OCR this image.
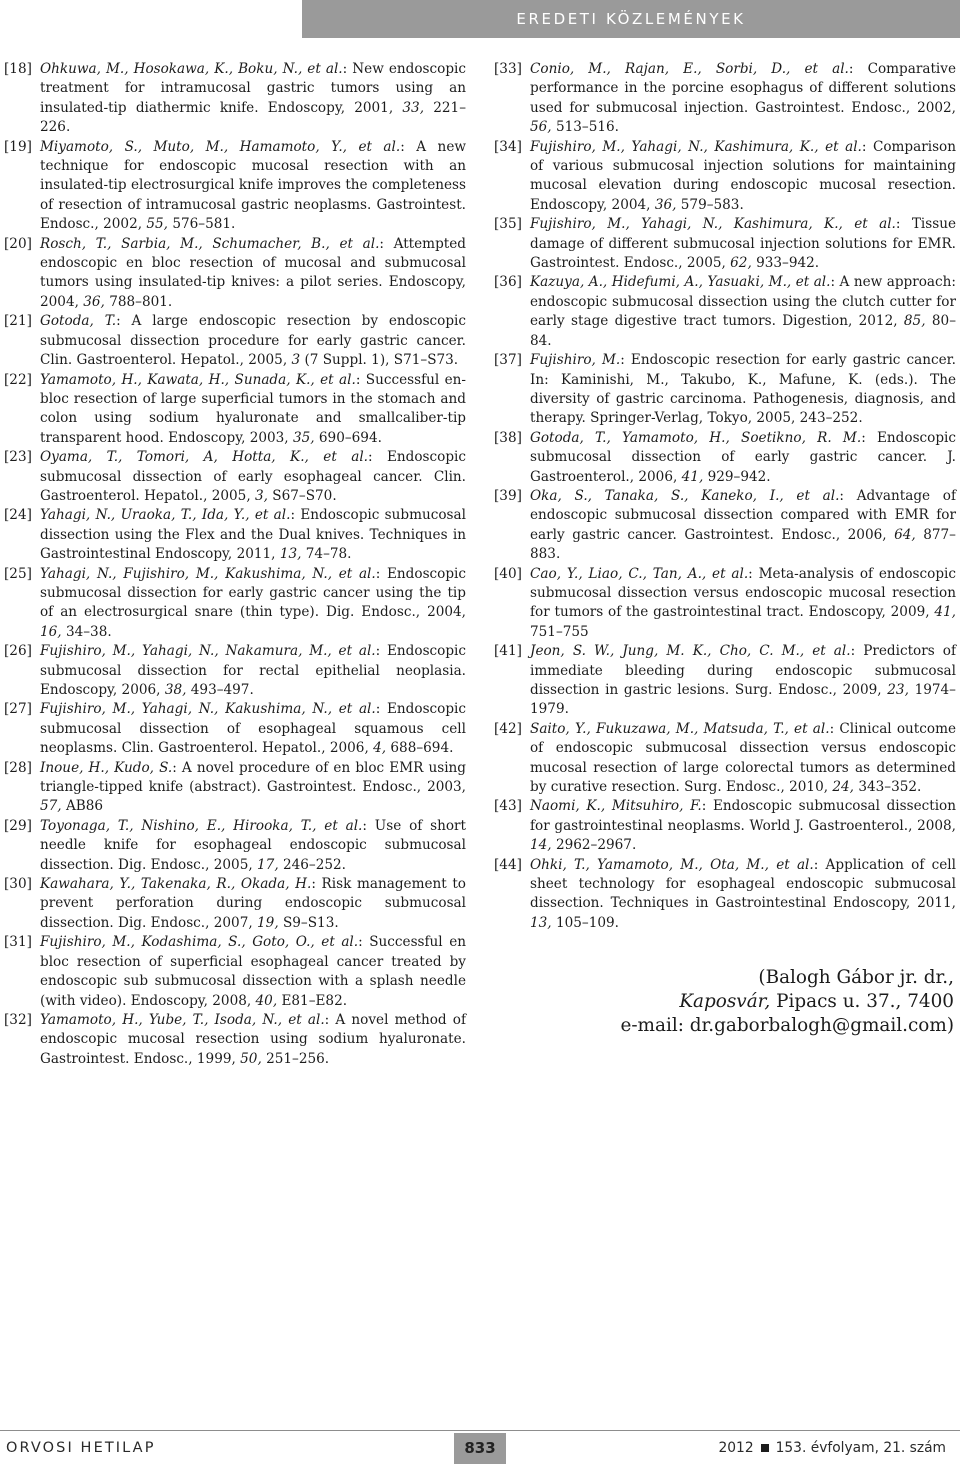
EREDETI KÖZLEMÉNYEK
[18] Ohkuwa, M., Hosokawa, K., Boku, N., et al.: New endoscopic treatment for intramucosal gastric tumors using an insulated-tip diathermic knife. Endoscopy, 2001, 33, 221–226.
[19] Miyamoto, S., Muto, M., Hamamoto, Y., et al.: A new technique for endoscopic mucosal resection with an insulated-tip electrosurgical knife improves the completeness of resection of intramucosal gastric neoplasms. Gastrointest. Endosc., 2002, 55, 576–581.
[20] Rosch, T., Sarbia, M., Schumacher, B., et al.: Attempted endoscopic en bloc resection of mucosal and submucosal tumors using insulated-tip knives: a pilot series. Endoscopy, 2004, 36, 788–801.
[21] Gotoda, T.: A large endoscopic resection by endoscopic submucosal dissection procedure for early gastric cancer. Clin. Gastroenterol. Hepatol., 2005, 3 (7 Suppl. 1), S71–S73.
[22] Yamamoto, H., Kawata, H., Sunada, K., et al.: Successful en-bloc resection of large superficial tumors in the stomach and colon using sodium hyaluronate and smallcaliber-tip transparent hood. Endoscopy, 2003, 35, 690–694.
[23] Oyama, T., Tomori, A, Hotta, K., et al.: Endoscopic submucosal dissection of early esophageal cancer. Clin. Gastroenterol. Hepatol., 2005, 3, S67–S70.
[24] Yahagi, N., Uraoka, T., Ida, Y., et al.: Endoscopic submucosal dissection using the Flex and the Dual knives. Techniques in Gastrointestinal Endoscopy, 2011, 13, 74–78.
[25] Yahagi, N., Fujishiro, M., Kakushima, N., et al.: Endoscopic submucosal dissection for early gastric cancer using the tip of an electrosurgical snare (thin type). Dig. Endosc., 2004, 16, 34–38.
[26] Fujishiro, M., Yahagi, N., Nakamura, M., et al.: Endoscopic submucosal dissection for rectal epithelial neoplasia. Endoscopy, 2006, 38, 493–497.
[27] Fujishiro, M., Yahagi, N., Kakushima, N., et al.: Endoscopic submucosal dissection of esophageal squamous cell neoplasms. Clin. Gastroenterol. Hepatol., 2006, 4, 688–694.
[28] Inoue, H., Kudo, S.: A novel procedure of en bloc EMR using triangle-tipped knife (abstract). Gastrointest. Endosc., 2003, 57, AB86
[29] Toyonaga, T., Nishino, E., Hirooka, T., et al.: Use of short needle knife for esophageal endoscopic submucosal dissection. Dig. Endosc., 2005, 17, 246–252.
[30] Kawahara, Y., Takenaka, R., Okada, H.: Risk management to prevent perforation during endoscopic submucosal dissection. Dig. Endosc., 2007, 19, S9–S13.
[31] Fujishiro, M., Kodashima, S., Goto, O., et al.: Successful en bloc resection of superficial esophageal cancer treated by endoscopic sub submucosal dissection with a splash needle (with video). Endoscopy, 2008, 40, E81–E82.
[32] Yamamoto, H., Yube, T., Isoda, N., et al.: A novel method of endoscopic mucosal resection using sodium hyaluronate. Gastrointest. Endosc., 1999, 50, 251–256.
[33] Conio, M., Rajan, E., Sorbi, D., et al.: Comparative performance in the porcine esophagus of different solutions used for submucosal injection. Gastrointest. Endosc., 2002, 56, 513–516.
[34] Fujishiro, M., Yahagi, N., Kashimura, K., et al.: Comparison of various submucosal injection solutions for maintaining mucosal elevation during endoscopic mucosal resection. Endoscopy, 2004, 36, 579–583.
[35] Fujishiro, M., Yahagi, N., Kashimura, K., et al.: Tissue damage of different submucosal injection solutions for EMR. Gastrointest. Endosc., 2005, 62, 933–942.
[36] Kazuya, A., Hidefumi, A., Yasuaki, M., et al.: A new approach: endoscopic submucosal dissection using the clutch cutter for early stage digestive tract tumors. Digestion, 2012, 85, 80–84.
[37] Fujishiro, M.: Endoscopic resection for early gastric cancer. In: Kaminishi, M., Takubo, K., Mafune, K. (eds.). The diversity of gastric carcinoma. Pathogenesis, diagnosis, and therapy. Springer-Verlag, Tokyo, 2005, 243–252.
[38] Gotoda, T., Yamamoto, H., Soetikno, R. M.: Endoscopic submucosal dissection of early gastric cancer. J. Gastroenterol., 2006, 41, 929–942.
[39] Oka, S., Tanaka, S., Kaneko, I., et al.: Advantage of endoscopic submucosal dissection compared with EMR for early gastric cancer. Gastrointest. Endosc., 2006, 64, 877–883.
[40] Cao, Y., Liao, C., Tan, A., et al.: Meta-analysis of endoscopic submucosal dissection versus endoscopic mucosal resection for tumors of the gastrointestinal tract. Endoscopy, 2009, 41, 751–755
[41] Jeon, S. W., Jung, M. K., Cho, C. M., et al.: Predictors of immediate bleeding during endoscopic submucosal dissection in gastric lesions. Surg. Endosc., 2009, 23, 1974–1979.
[42] Saito, Y., Fukuzawa, M., Matsuda, T., et al.: Clinical outcome of endoscopic submucosal dissection versus endoscopic mucosal resection of large colorectal tumors as determined by curative resection. Surg. Endosc., 2010, 24, 343–352.
[43] Naomi, K., Mitsuhiro, F.: Endoscopic submucosal dissection for gastrointestinal neoplasms. World J. Gastroenterol., 2008, 14, 2962–2967.
[44] Ohki, T., Yamamoto, M., Ota, M., et al.: Application of cell sheet technology for esophageal endoscopic submucosal dissection. Techniques in Gastrointestinal Endoscopy, 2011, 13, 105–109.
(Balogh Gábor jr. dr.,
Kaposvár, Pipacs u. 37., 7400
e-mail: dr.gaborbalogh@gmail.com)
ORVOSI HETILAP	833	2012 153. évfolyam, 21. szám
